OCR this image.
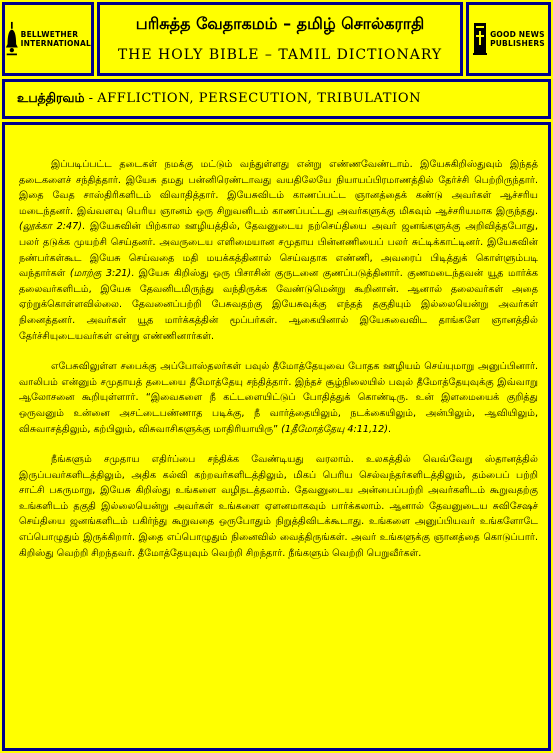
BELLWETHER
INTERNATIONAL
பரிசுத்த வேதாகமம் – தமிழ் சொல்கராதி
THE HOLY BIBLE – TAMIL DICTIONARY
GOOD NEWS
PUBLISHERS
உபத்திரவம் - AFFLICTION, PERSECUTION, TRIBULATION

இப்படிப்பட்ட தடைகள் நமக்கு மட்டும் வந்துள்ளது என்று எண்ணவேண்டாம். இயேசுகிறிஸ்துவும் இந்தத் தடைகளைச் சந்தித்தார். இயேசு தமது பன்னிரெண்டாவது வயதிலேயே நியாயப்பிரமாணத்தில் தேர்ச்சி பெற்றிருந்தார். இதை வேத சாஸ்திரிகளிடம் விவாதித்தார். இயேசுவிடம் காணப்பட்ட ஞானத்தைக் கண்டு அவர்கள் ஆச்சரிய மடைந்தனர். இவ்வளவு பெரிய ஞானம் ஒரு சிறுவனிடம் காணப்பட்டது அவர்களுக்கு மிகவும் ஆச்சரியமாக இருந்தது. (லூக்கா 2:47). இயேசுவின் பிற்கால ஊழியத்தில், தேவனுடைய நற்செய்தியை அவர் ஜனங்களுக்கு அறிவித்தபோது, பலர் தடுக்க முயற்சி செய்தனர். அவருடைய எளிமையான சமுதாய பின்னணியைப் பலர் சுட்டிக்காட்டினர். இயேசுவின் நண்பர்கள்கூட இயேசு செய்வதை மதி மயக்கத்தினால் செய்வதாக எண்ணி, அவரைப் பிடித்துக் கொள்ளும்படி வந்தார்கள் (மாற்கு 3:21). இயேசு கிறிஸ்து ஒரு பிசாசின் குருடனை குணப்படுத்தினார். குணமடைந்தவன் யூத மார்க்க தலைவர்களிடம், இயேசு தேவனிடமிருந்து வந்திருக்க வேண்டுமென்று கூறினான். ஆனால் தலைவர்கள் அதை ஏற்றுக்கொள்ளவில்லை. தேவனைப்பற்றி பேசுவதற்கு இயேசுவுக்கு எந்தத் தகுதியும் இல்லையென்று அவர்கள் நினைத்தனர். அவர்கள் யூத மார்க்கத்தின் மூப்பர்கள். ஆகையினால் இயேசுவைவிட தாங்களே ஞானத்தில் தேர்ச்சியுடையவர்கள் என்று எண்ணினார்கள்.

எபேசுவிலுள்ள சபைக்கு அப்போஸ்தலர்கள் பவுல் தீமோத்தேயுவை போதக ஊழியம் செய்யுமாறு அனுப்பினார். வாலிபம் என்னும் சமுதாயத் தடையை தீமோத்தேயு சந்தித்தார். இந்தச் சூழ்நிலையில் பவுல் தீமோத்தேயுவுக்கு இவ்வாறு ஆலோசனை கூறியுள்ளார். “இவைகளை நீ கட்டளையிட்டுப் போதித்துக் கொண்டிரு. உன் இளமையைக் குறித்து ஒருவனும் உன்னை அசட்டைபண்ணாத படிக்கு, நீ வார்த்தையிலும், நடக்கையிலும், அன்பிலும், ஆவியிலும், விசுவாசத்திலும், கற்பிலும், விசுவாசிகளுக்கு மாதிரியாயிரு” (1தீமோத்தேயு 4:11,12).

நீங்களும் சமுதாய எதிர்ப்பை சந்திக்க வேண்டியது வரலாம். உலகத்தில் வெவ்வேறு ஸ்தானத்தில் இருப்பவர்களிடத்திலும், அதிக கல்வி கற்றவர்களிடத்திலும், மிகப் பெரிய செல்வந்தர்களிடத்திலும், தம்பைப் பற்றி சாட்சி பகருமாறு, இயேசு கிறிஸ்து உங்களை வழிநடத்தலாம். தேவனுடைய அன்பைப்பற்றி அவர்களிடம் கூறுவதற்கு உங்களிடம் தகுதி இல்லையென்று அவர்கள் உங்களை ஏளனமாகவும் பார்க்கலாம். ஆனால் தேவனுடைய சுவிசேஷச் செய்தியை ஜனங்களிடம் பகிர்ந்து கூறுவதை ஒருபோதும் நிறுத்திவிடக்கூடாது. உங்களை அனுப்பியவர் உங்களோடே எப்பொழுதும் இருக்கிறார். இதை எப்பொழுதும் நினைவில் வைத்திருங்கள். அவர் உங்களுக்கு ஞானத்தை கொடுப்பார். கிறிஸ்து வெற்றி சிறந்தவர். தீமோத்தேயுவும் வெற்றி சிறந்தார். நீங்களும் வெற்றி பெறுவீர்கள்.
